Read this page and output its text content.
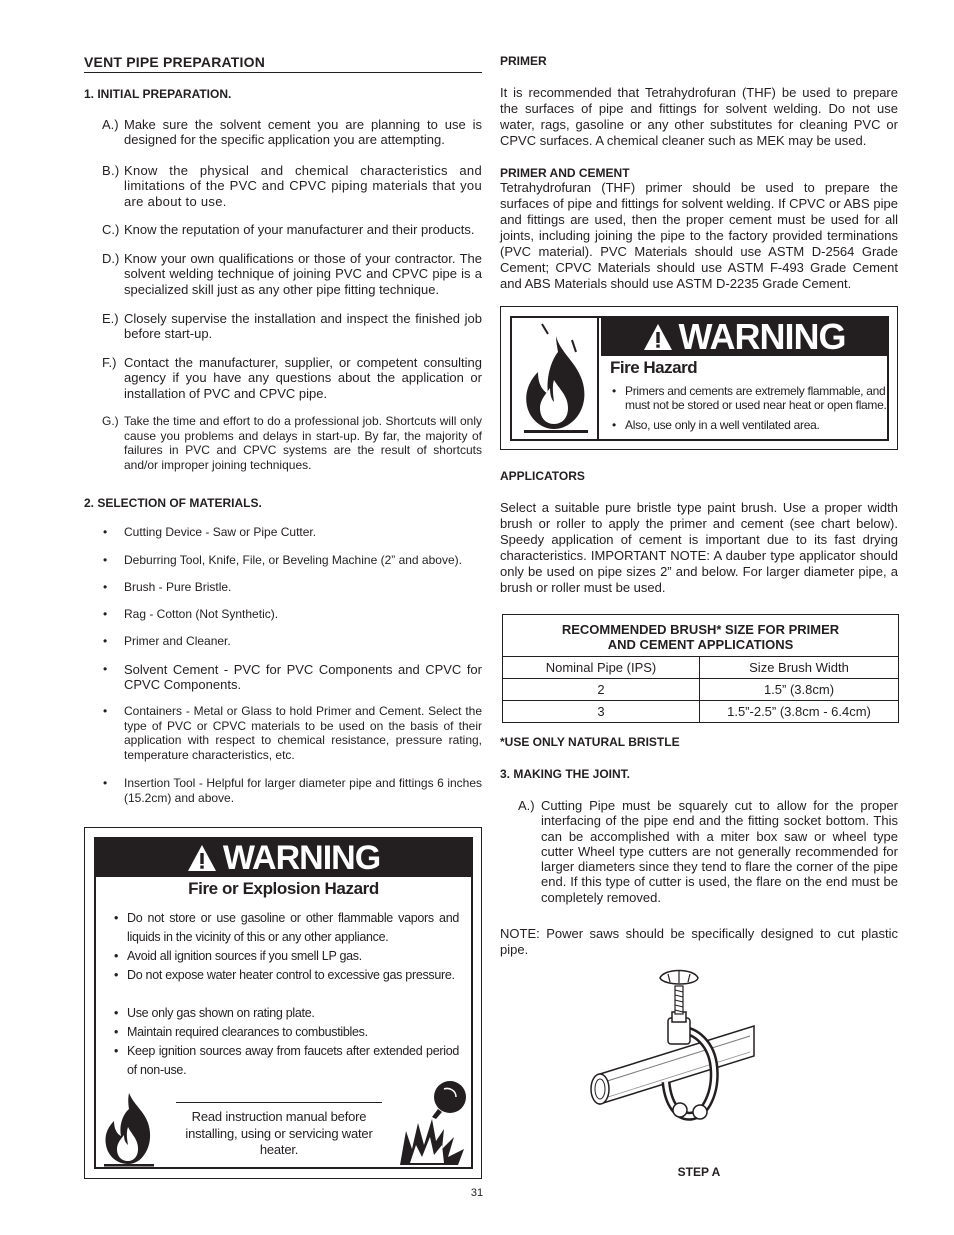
VENT PIPE PREPARATION
1. INITIAL PREPARATION.
A.) Make sure the solvent cement you are planning to use is designed for the specific application you are attempting.
B.) Know the physical and chemical characteristics and limitations of the PVC and CPVC piping materials that you are about to use.
C.) Know the reputation of your manufacturer and their products.
D.) Know your own qualifications or those of your contractor. The solvent welding technique of joining PVC and CPVC pipe is a specialized skill just as any other pipe fitting technique.
E.) Closely supervise the installation and inspect the finished job before start-up.
F.) Contact the manufacturer, supplier, or competent consulting agency if you have any questions about the application or installation of PVC and CPVC pipe.
G.) Take the time and effort to do a professional job. Shortcuts will only cause you problems and delays in start-up. By far, the majority of failures in PVC and CPVC systems are the result of shortcuts and/or improper joining techniques.
2. SELECTION OF MATERIALS.
• Cutting Device - Saw or Pipe Cutter.
• Deburring Tool, Knife, File, or Beveling Machine (2” and above).
• Brush - Pure Bristle.
• Rag - Cotton (Not Synthetic).
• Primer and Cleaner.
• Solvent Cement - PVC for PVC Components and CPVC for CPVC Components.
• Containers - Metal or Glass to hold Primer and Cement. Select the type of PVC or CPVC materials to be used on the basis of their application with respect to chemical resistance, pressure rating, temperature characteristics, etc.
• Insertion Tool - Helpful for larger diameter pipe and fittings 6 inches (15.2cm) and above.
WARNING
Fire or Explosion Hazard
• Do not store or use gasoline or other flammable vapors and liquids in the vicinity of this or any other appliance.
• Avoid all ignition sources if you smell LP gas.
• Do not expose water heater control to excessive gas pressure.
• Use only gas shown on rating plate.
• Maintain required clearances to combustibles.
• Keep ignition sources away from faucets after extended period of non-use.
Read instruction manual before installing, using or servicing water heater.
PRIMER
It is recommended that Tetrahydrofuran (THF) be used to prepare the surfaces of pipe and fittings for solvent welding. Do not use water, rags, gasoline or any other substitutes for cleaning PVC or CPVC surfaces. A chemical cleaner such as MEK may be used.
PRIMER AND CEMENT
Tetrahydrofuran (THF) primer should be used to prepare the surfaces of pipe and fittings for solvent welding. If CPVC or ABS pipe and fittings are used, then the proper cement must be used for all joints, including joining the pipe to the factory provided terminations (PVC material). PVC Materials should use ASTM D-2564 Grade Cement; CPVC Materials should use ASTM F-493 Grade Cement and ABS Materials should use ASTM D-2235 Grade Cement.
WARNING
Fire Hazard
• Primers and cements are extremely flammable, and must not be stored or used near heat or open flame.
• Also, use only in a well ventilated area.
APPLICATORS
Select a suitable pure bristle type paint brush. Use a proper width brush or roller to apply the primer and cement (see chart below). Speedy application of cement is important due to its fast drying characteristics. IMPORTANT NOTE: A dauber type applicator should only be used on pipe sizes 2” and below. For larger diameter pipe, a brush or roller must be used.
RECOMMENDED BRUSH* SIZE FOR PRIMER
AND CEMENT APPLICATIONS	
Nominal Pipe (IPS)	Size Brush Width
2	1.5” (3.8cm)
3	1.5”-2.5” (3.8cm - 6.4cm)
*USE ONLY NATURAL BRISTLE
3. MAKING THE JOINT.
A.) Cutting Pipe must be squarely cut to allow for the proper interfacing of the pipe end and the fitting socket bottom. This can be accomplished with a miter box saw or wheel type cutter Wheel type cutters are not generally recommended for larger diameters since they tend to flare the corner of the pipe end. If this type of cutter is used, the flare on the end must be completely removed.
NOTE: Power saws should be specifically designed to cut plastic pipe.
STEP A
31
